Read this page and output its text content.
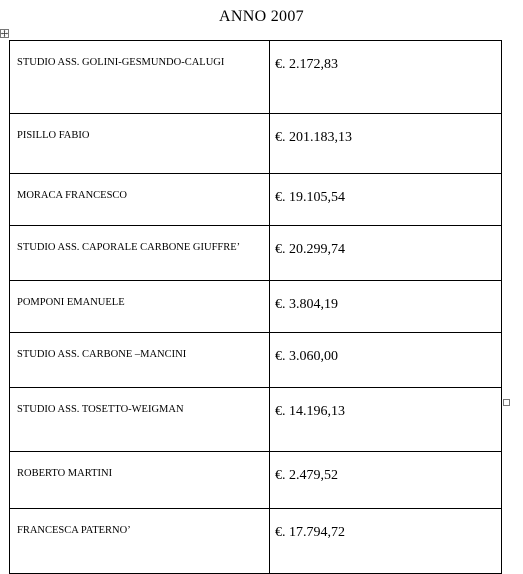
ANNO 2007
STUDIO ASS. GOLINI-GESMUNDO-CALUGI	€. 2.172,83
PISILLO FABIO	€. 201.183,13
MORACA FRANCESCO	€. 19.105,54
STUDIO ASS. CAPORALE CARBONE GIUFFRE’	€. 20.299,74
POMPONI EMANUELE	€. 3.804,19
STUDIO ASS. CARBONE –MANCINI	€. 3.060,00
STUDIO ASS. TOSETTO-WEIGMAN	€. 14.196,13
ROBERTO MARTINI	€. 2.479,52
FRANCESCA PATERNO’	€. 17.794,72
